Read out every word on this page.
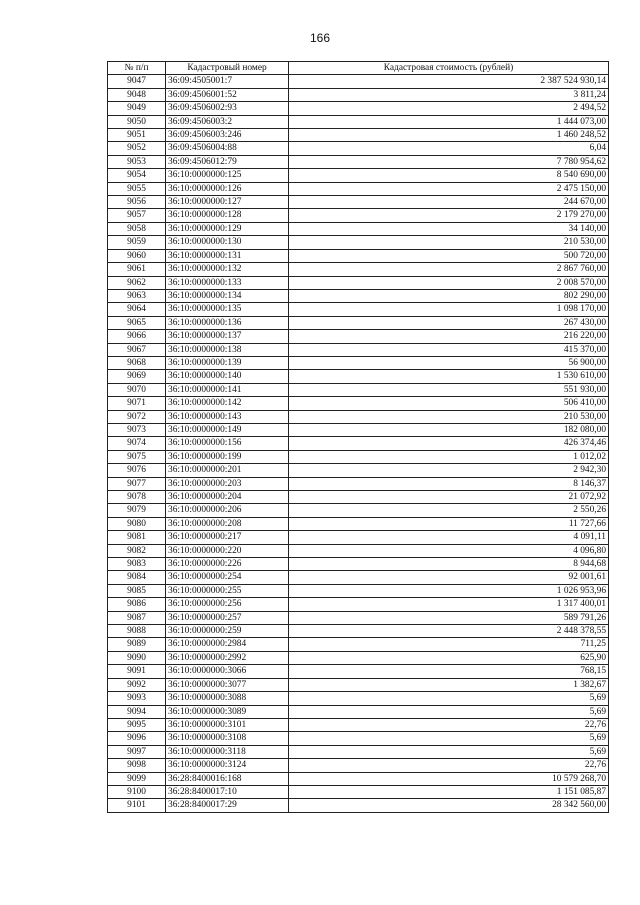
166
№ п/п	Кадастровый номер	Кадастровая стоимость (рублей)
9047	36:09:4505001:7	2 387 524 930,14
9048	36:09:4506001:52	3 811,24
9049	36:09:4506002:93	2 494,52
9050	36:09:4506003:2	1 444 073,00
9051	36:09:4506003:246	1 460 248,52
9052	36:09:4506004:88	6,04
9053	36:09:4506012:79	7 780 954,62
9054	36:10:0000000:125	8 540 690,00
9055	36:10:0000000:126	2 475 150,00
9056	36:10:0000000:127	244 670,00
9057	36:10:0000000:128	2 179 270,00
9058	36:10:0000000:129	34 140,00
9059	36:10:0000000:130	210 530,00
9060	36:10:0000000:131	500 720,00
9061	36:10:0000000:132	2 867 760,00
9062	36:10:0000000:133	2 008 570,00
9063	36:10:0000000:134	802 290,00
9064	36:10:0000000:135	1 098 170,00
9065	36:10:0000000:136	267 430,00
9066	36:10:0000000:137	216 220,00
9067	36:10:0000000:138	415 370,00
9068	36:10:0000000:139	56 900,00
9069	36:10:0000000:140	1 530 610,00
9070	36:10:0000000:141	551 930,00
9071	36:10:0000000:142	506 410,00
9072	36:10:0000000:143	210 530,00
9073	36:10:0000000:149	182 080,00
9074	36:10:0000000:156	426 374,46
9075	36:10:0000000:199	1 012,02
9076	36:10:0000000:201	2 942,30
9077	36:10:0000000:203	8 146,37
9078	36:10:0000000:204	21 072,92
9079	36:10:0000000:206	2 550,26
9080	36:10:0000000:208	11 727,66
9081	36:10:0000000:217	4 091,11
9082	36:10:0000000:220	4 096,80
9083	36:10:0000000:226	8 944,68
9084	36:10:0000000:254	92 001,61
9085	36:10:0000000:255	1 026 953,96
9086	36:10:0000000:256	1 317 400,01
9087	36:10:0000000:257	589 791,26
9088	36:10:0000000:259	2 448 378,55
9089	36:10:0000000:2984	711,25
9090	36:10:0000000:2992	625,90
9091	36:10:0000000:3066	768,15
9092	36:10:0000000:3077	1 382,67
9093	36:10:0000000:3088	5,69
9094	36:10:0000000:3089	5,69
9095	36:10:0000000:3101	22,76
9096	36:10:0000000:3108	5,69
9097	36:10:0000000:3118	5,69
9098	36:10:0000000:3124	22,76
9099	36:28:8400016:168	10 579 268,70
9100	36:28:8400017:10	1 151 085,87
9101	36:28:8400017:29	28 342 560,00
